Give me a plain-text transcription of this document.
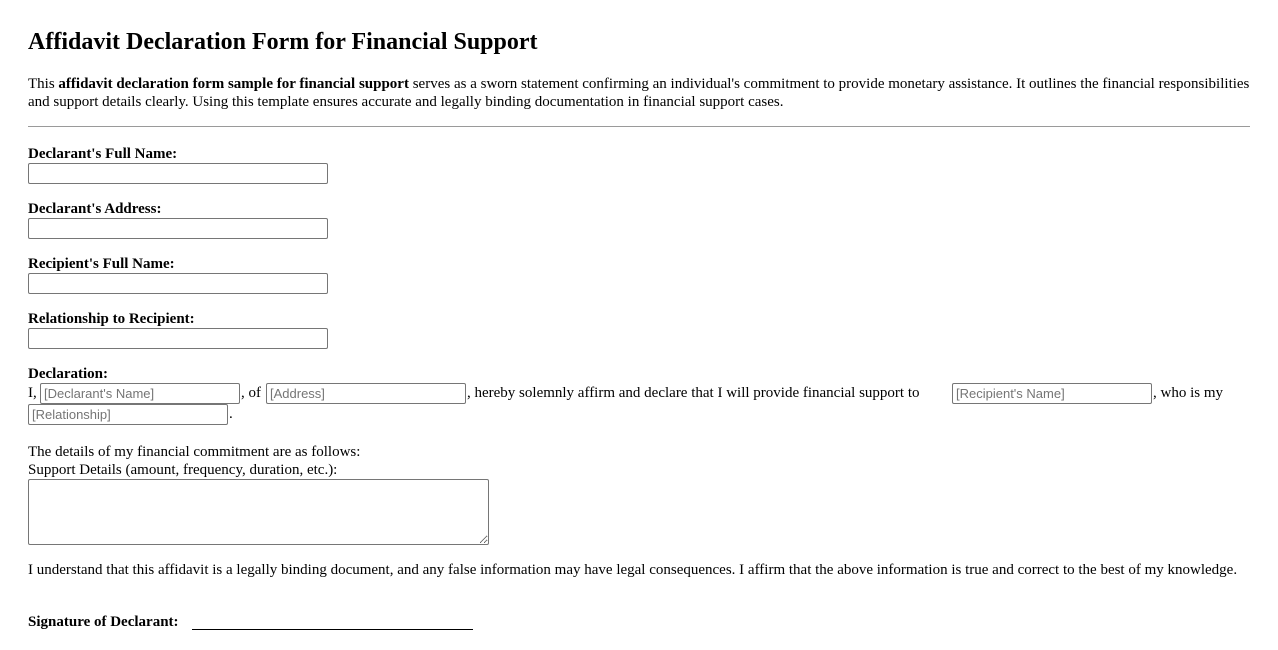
Affidavit Declaration Form for Financial Support

This affidavit declaration form sample for financial support serves as a sworn statement confirming an individual's commitment to provide monetary assistance. It outlines the financial responsibilities and support details clearly. Using this template ensures accurate and legally binding documentation in financial support cases.

Declarant's Full Name:
Declarant's Address:
Recipient's Full Name:
Relationship to Recipient:
Declaration:
I,
[Declarant's Name]	, of
[Address]	, hereby solemnly affirm and declare that I will provide financial support to
[Recipient's Name]	, who is my
[Relationship]
.
The details of my financial commitment are as follows:
Support Details (amount, frequency, duration, etc.):

I understand that this affidavit is a legally binding document, and any false information may have legal consequences. I affirm that the above information is true and correct to the best of my knowledge.

Signature of Declarant:
